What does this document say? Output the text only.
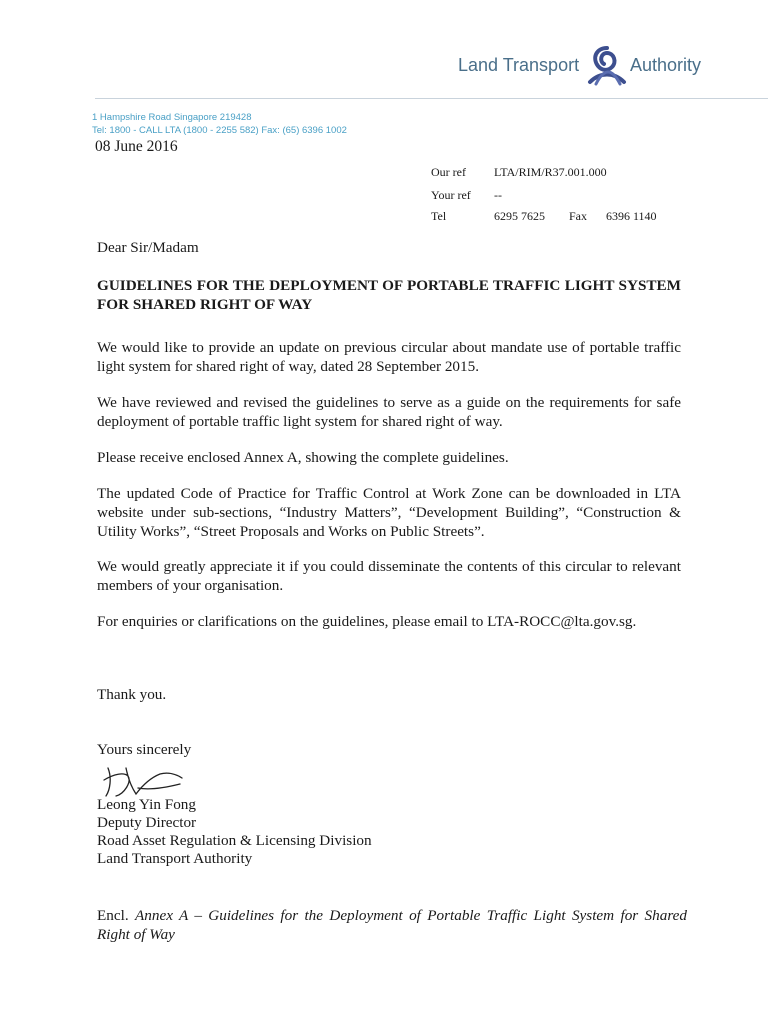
Land Transport	Authority
1 Hampshire Road Singapore 219428
Tel: 1800 - CALL LTA (1800 - 2255 582) Fax: (65) 6396 1002
08 June 2016
Our ref LTA/RIM/R37.001.000
Your ref --
Tel	6295 7625 Fax 6396 1140
Dear Sir/Madam
GUIDELINES FOR THE DEPLOYMENT OF PORTABLE TRAFFIC LIGHT SYSTEM FOR SHARED RIGHT OF WAY
We would like to provide an update on previous circular about mandate use of portable traffic light system for shared right of way, dated 28 September 2015.
We have reviewed and revised the guidelines to serve as a guide on the requirements for safe deployment of portable traffic light system for shared right of way.
Please receive enclosed Annex A, showing the complete guidelines.
The updated Code of Practice for Traffic Control at Work Zone can be downloaded in LTA website under sub-sections, “Industry Matters”, “Development Building”, “Construction & Utility Works”, “Street Proposals and Works on Public Streets”.
We would greatly appreciate it if you could disseminate the contents of this circular to relevant members of your organisation.
For enquiries or clarifications on the guidelines, please email to LTA-ROCC@lta.gov.sg.
Thank you.
Yours sincerely
Leong Yin Fong
Deputy Director
Road Asset Regulation & Licensing Division
Land Transport Authority
Encl. Annex A – Guidelines for the Deployment of Portable Traffic Light System for Shared Right of Way
